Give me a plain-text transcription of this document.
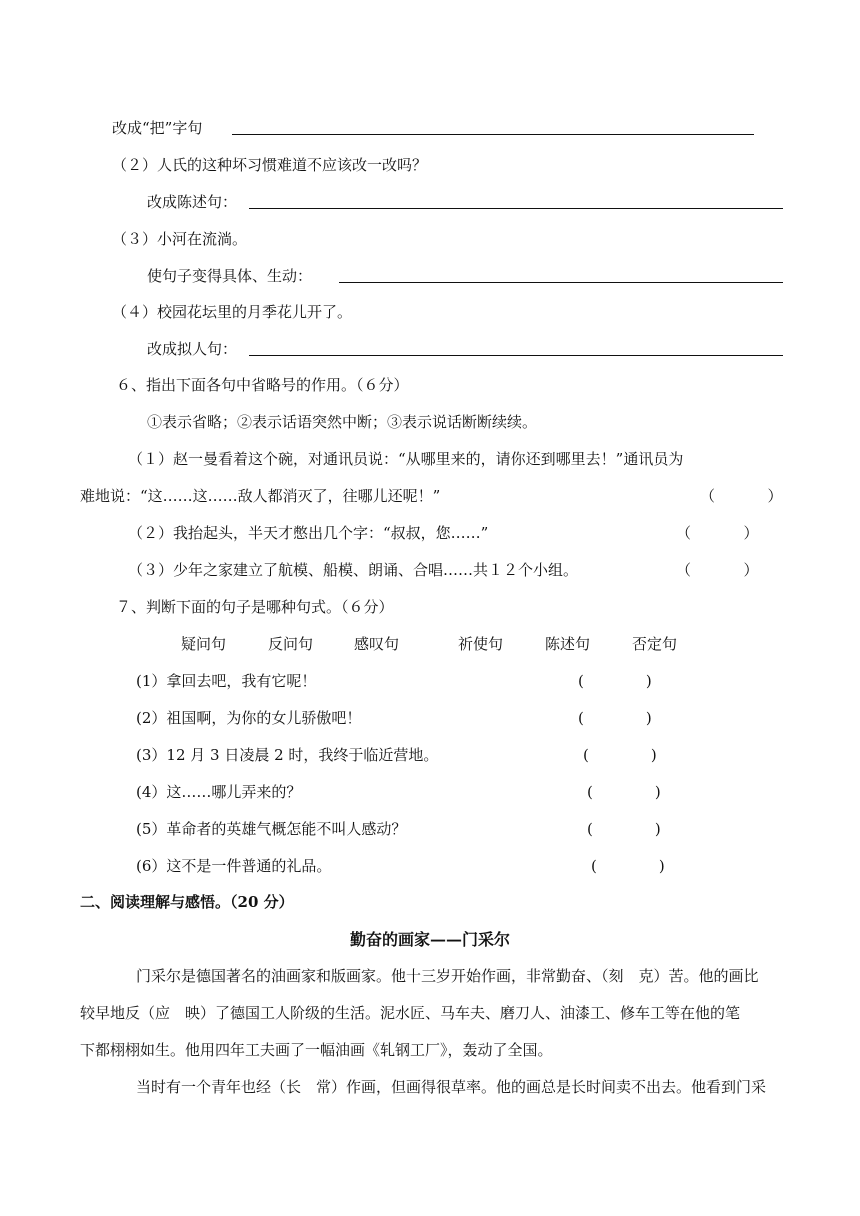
改成“把”字句
（２）人氏的这种坏习惯难道不应该改一改吗？
改成陈述句：
（３）小河在流淌。
使句子变得具体、生动：
（４）校园花坛里的月季花儿开了。
改成拟人句：
６、指出下面各句中省略号的作用。（６分）
①表示省略；②表示话语突然中断；③表示说话断断续续。
（１）赵一曼看着这个碗，对通讯员说：“从哪里来的，请你还到哪里去！”通讯员为
难地说：“这……这……敌人都消灭了，往哪儿还呢！”	（           ）
（２）我抬起头，半天才憋出几个字：“叔叔，您……”	（           ）
（３）少年之家建立了航模、船模、朗诵、合唱……共１２个小组。	（           ）
７、判断下面的句子是哪种句式。（６分）
疑问句	反问句	感叹句	祈使句	陈述句	否定句
(1）拿回去吧，我有它呢！	(             )
(2）祖国啊，为你的女儿骄傲吧！	(             )
(3）12 月 3 日凌晨 2 时，我终于临近营地。	(             )
(4）这……哪儿弄来的？	(             )
(5）革命者的英雄气概怎能不叫人感动？	(             )
(6）这不是一件普通的礼品。	(             )
二、阅读理解与感悟。（20 分）
勤奋的画家——门采尔
门采尔是德国著名的油画家和版画家。他十三岁开始作画，非常勤奋、（刻　克）苦。他的画比
较早地反（应　映）了德国工人阶级的生活。泥水匠、马车夫、磨刀人、油漆工、修车工等在他的笔
下都栩栩如生。他用四年工夫画了一幅油画《轧钢工厂》，轰动了全国。
当时有一个青年也经（长　常）作画，但画得很草率。他的画总是长时间卖不出去。他看到门采
